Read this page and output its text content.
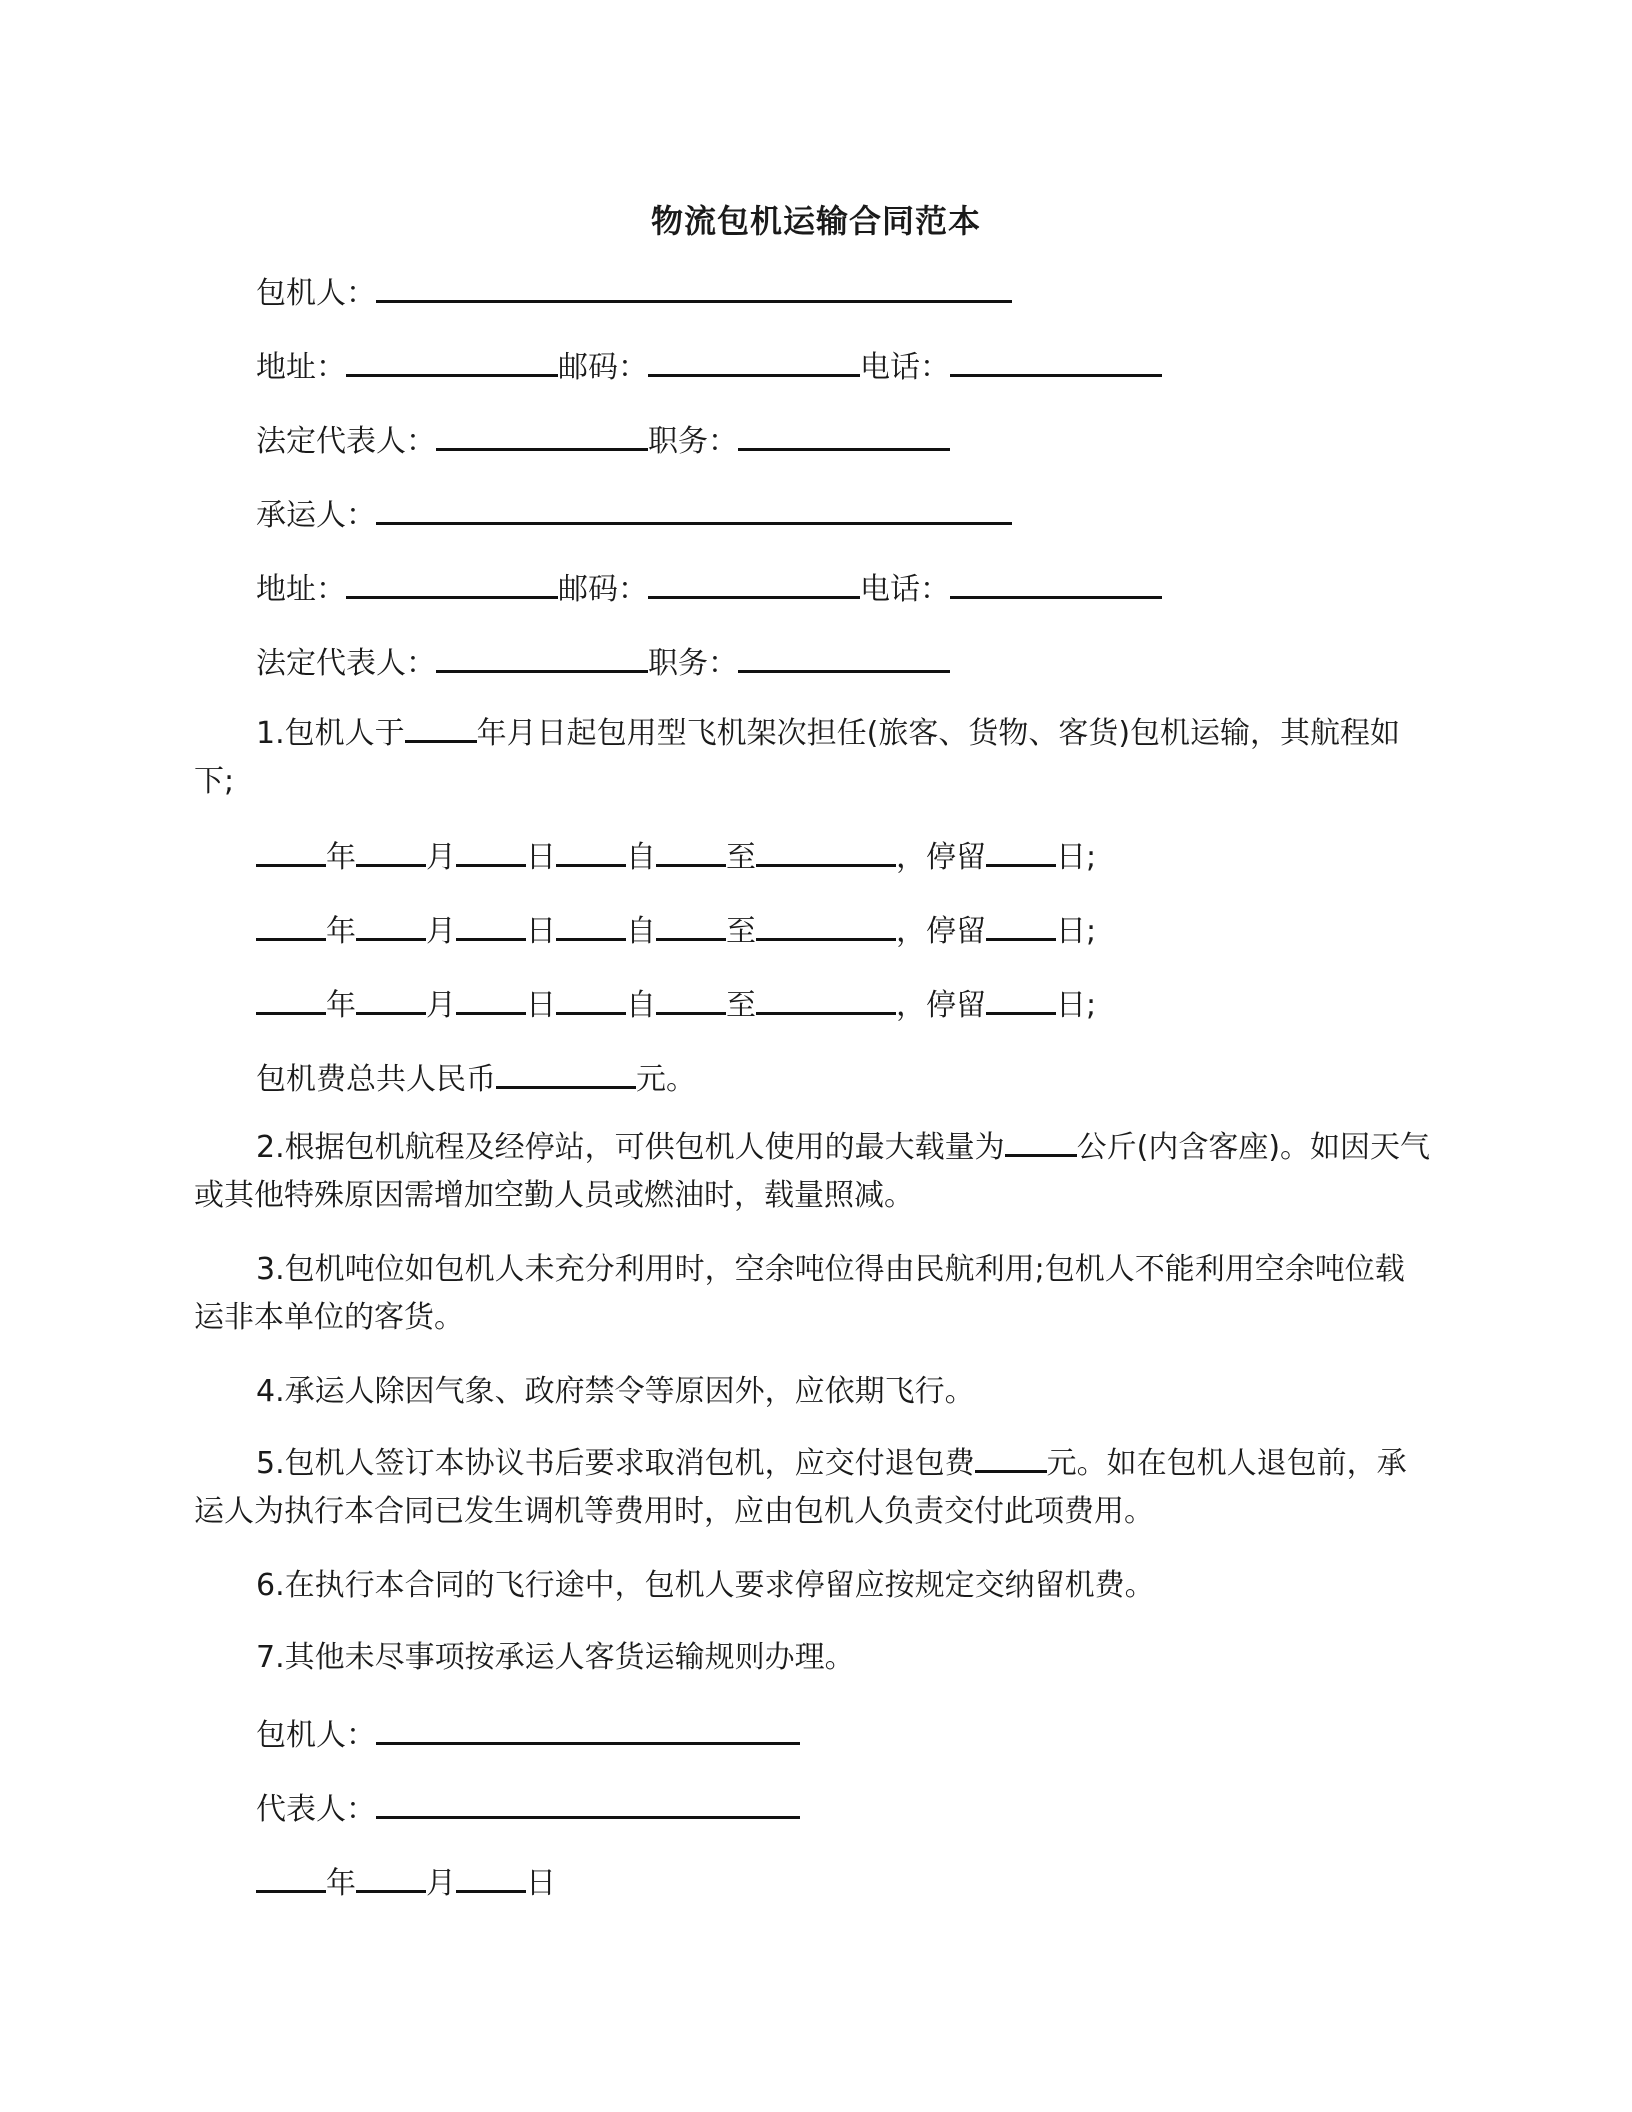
物流包机运输合同范本
包机人：
地址：	邮码：	电话：
法定代表人：	职务：
承运人：
地址：	邮码：	电话：
法定代表人：	职务：
1.包机人于 年月日起包用型飞机架次担任(旅客、货物、客货)包机运输，其航程如下;
年 月 日 自 至	，停留 日;
年 月 日 自 至	，停留 日;
年 月 日 自 至	，停留 日;
包机费总共人民币	元。
2.根据包机航程及经停站，可供包机人使用的最大载量为 公斤(内含客座)。如因天气或其他特殊原因需增加空勤人员或燃油时，载量照减。
3.包机吨位如包机人未充分利用时，空余吨位得由民航利用;包机人不能利用空余吨位载运非本单位的客货。
4.承运人除因气象、政府禁令等原因外，应依期飞行。
5.包机人签订本协议书后要求取消包机，应交付退包费 元。如在包机人退包前，承运人为执行本合同已发生调机等费用时，应由包机人负责交付此项费用。
6.在执行本合同的飞行途中，包机人要求停留应按规定交纳留机费。
7.其他未尽事项按承运人客货运输规则办理。
包机人：
代表人：
年 月 日
